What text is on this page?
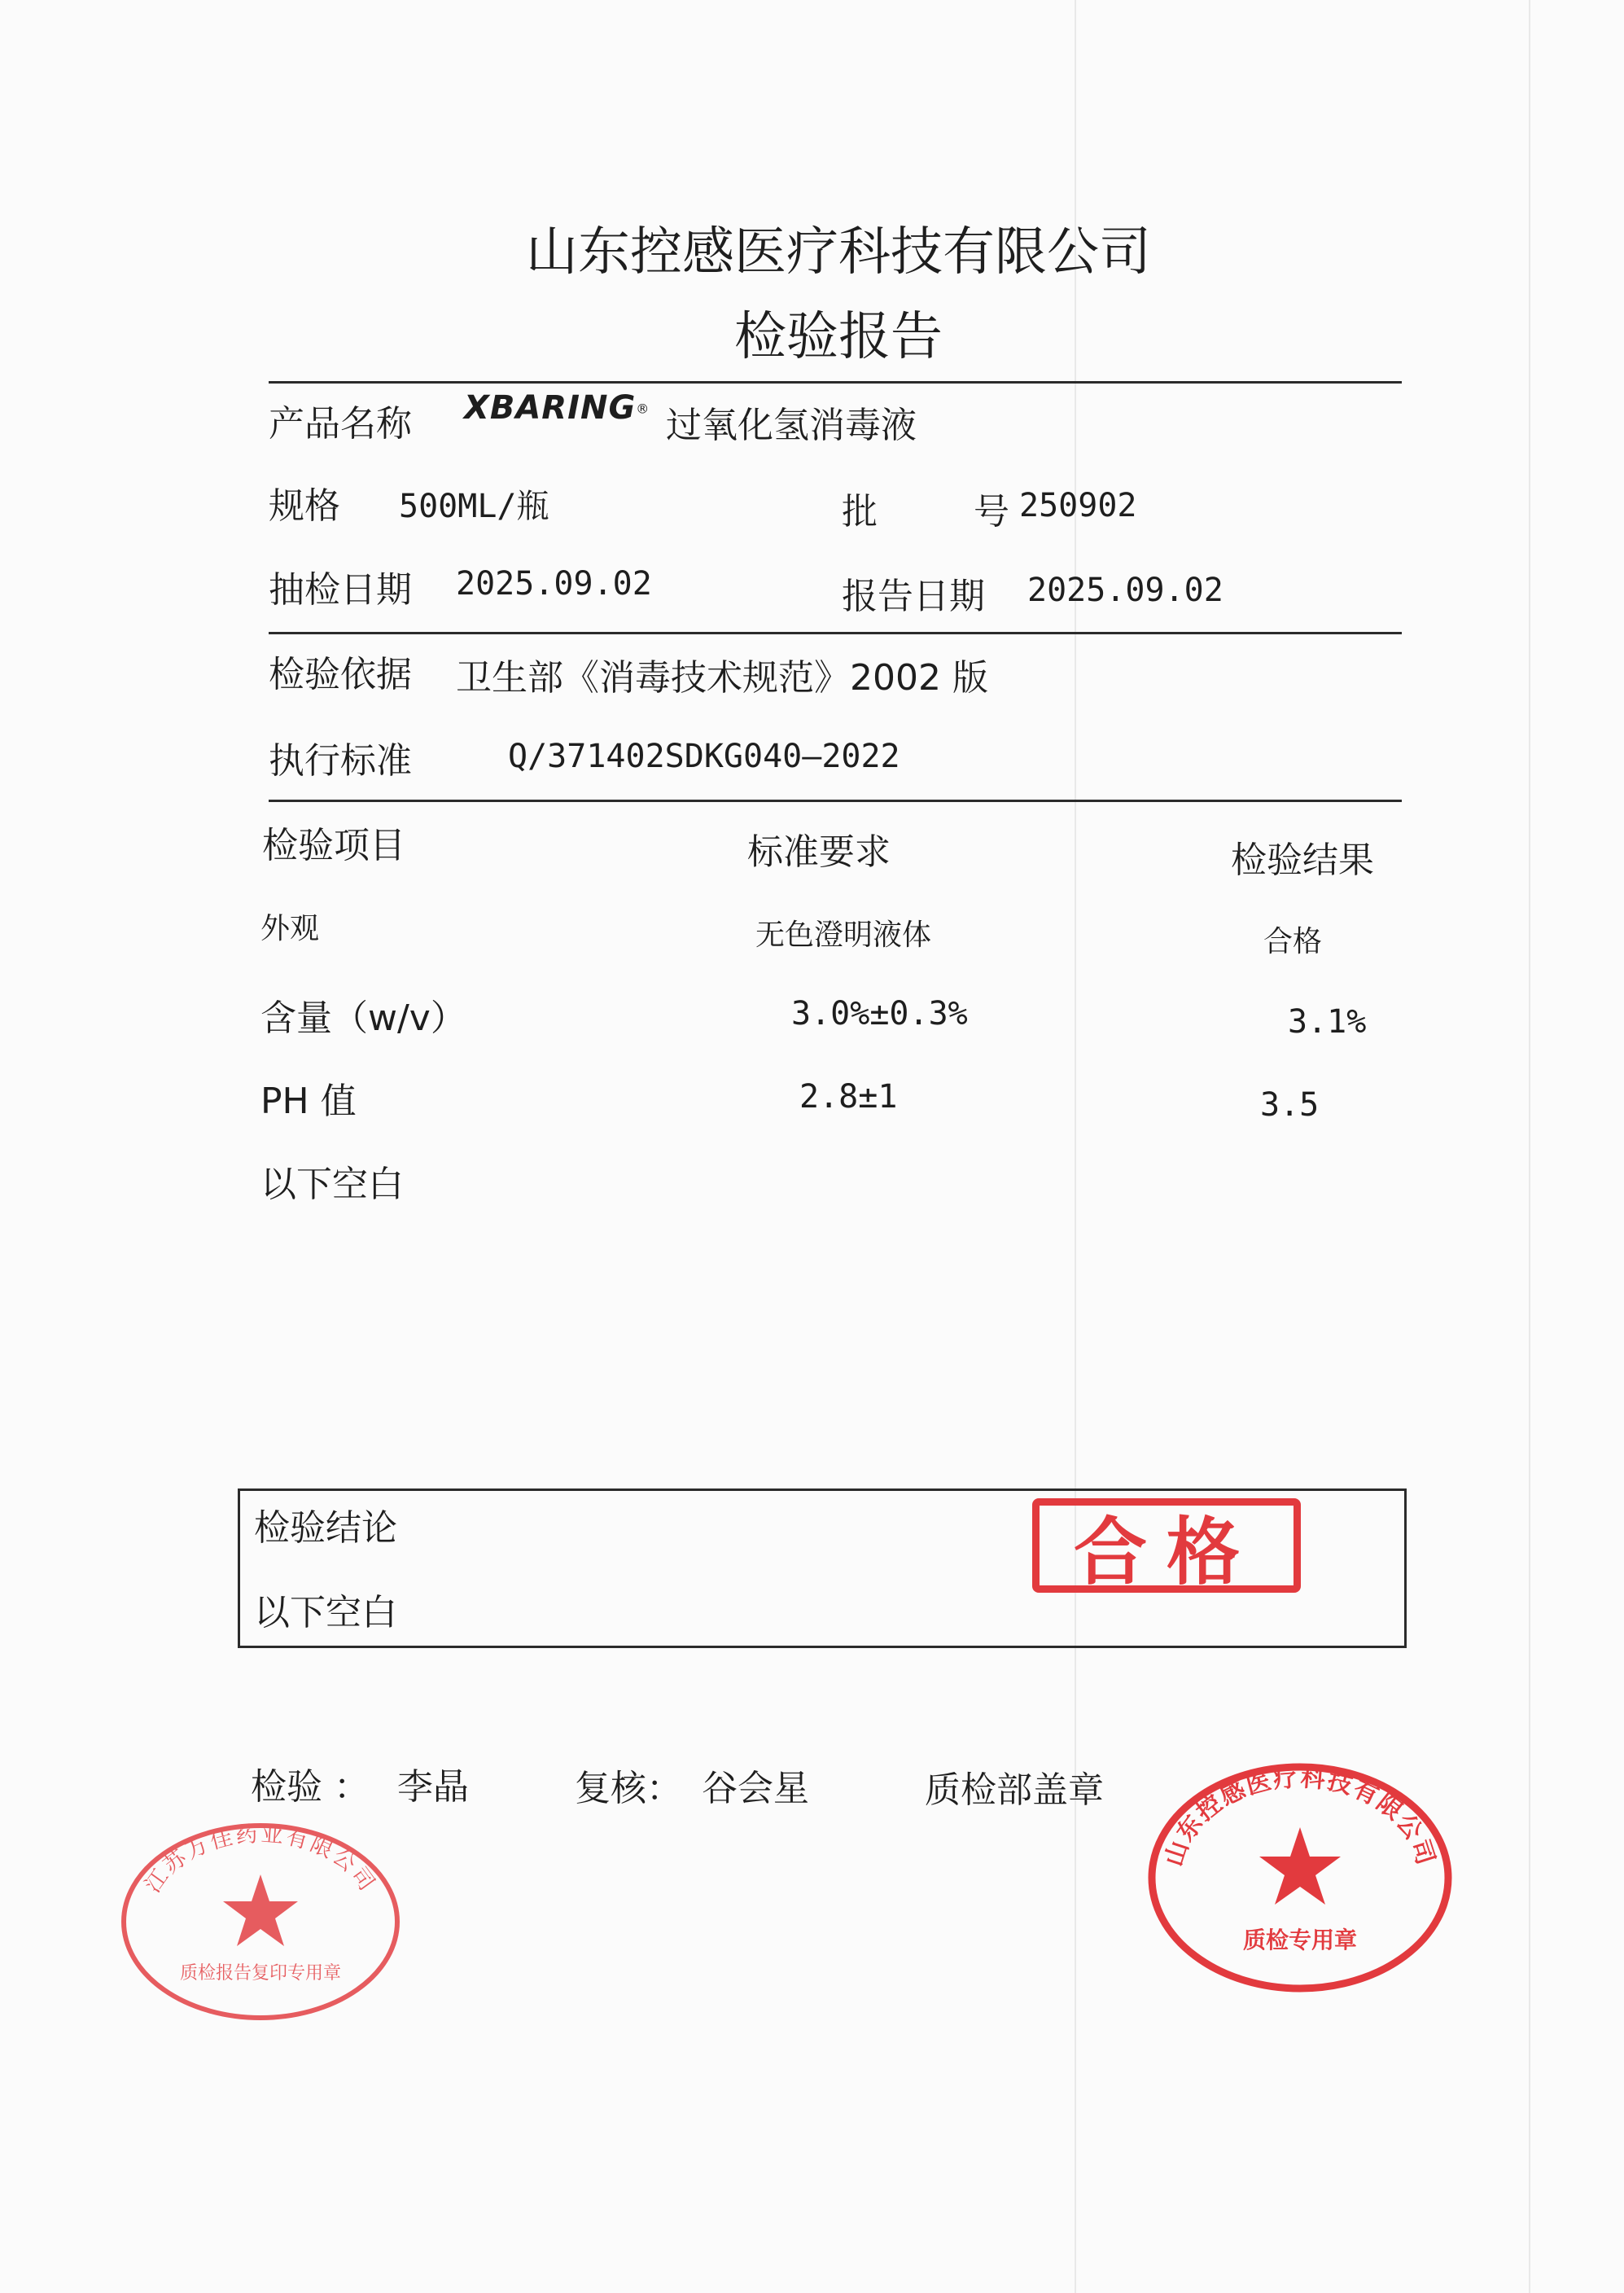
山东控感医疗科技有限公司
检验报告
产品名称 XBARING® 过氧化氢消毒液
规格 500ML/瓶	批	号 250902
抽检日期 2025.09.02	报告日期 2025.09.02
检验依据 卫生部《消毒技术规范》2002 版
执行标准	Q/371402SDKG040—2022
检验项目	标准要求	检验结果
外观	无色澄明液体	合格
含量（w/v）	3.0%±0.3%	3.1%
PH 值	2.8±1	3.5
以下空白
检验结论
以下空白
合格
检验 ： 李晶	复核： 谷会星	质检部盖章
江苏万佳药业有限公司
质检报告复印专用章
山东控感医疗科技有限公司
质检专用章
